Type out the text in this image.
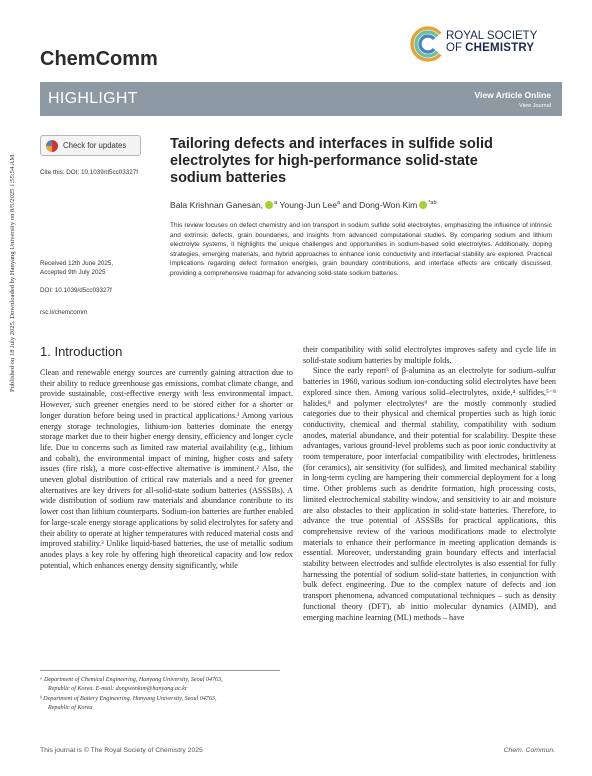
Published on 18 July 2025. Downloaded by Hanyang University on 8/5/2025 1:55:54 AM.
ChemComm
ROYAL SOCIETY
OF CHEMISTRY
HIGHLIGHT	View Article Online
View Journal
Check for updates
Cite this: DOI: 10.1039/d5cc03327f
Received 12th June 2025,
Accepted 9th July 2025
DOI: 10.1039/d5cc03327f
rsc.li/chemcomm
Tailoring defects and interfaces in sulfide solid electrolytes for high-performance solid-state sodium batteries
Bala Krishnan Ganesan, $^a$ Young-Jun Lee$^a$ and Dong-Won Kim $^{*ab}$
This review focuses on defect chemistry and ion transport in sodium sulfide solid electrolytes, emphasizing the influence of intrinsic and extrinsic defects, grain boundaries, and insights from advanced computational studies. By comparing sodium and lithium electrolyte systems, it highlights the unique challenges and opportunities in sodium-based solid electrolytes. Additionally, doping strategies, emerging materials, and hybrid approaches to enhance ionic conductivity and interfacial stability are explored. Practical implications regarding defect formation energies, grain boundary contributions, and interface effects are critically discussed, providing a comprehensive roadmap for advancing solid-state sodium batteries.
1. Introduction

Clean and renewable energy sources are currently gaining attraction due to their ability to reduce greenhouse gas emissions, combat climate change, and provide sustainable, cost-effective energy with less environmental impact. However, such greener energies need to be stored either for a shorter or longer duration before being used in practical applications.¹ Among various energy storage technologies, lithium-ion batteries dominate the energy storage market due to their higher energy density, efficiency and longer cycle life. Due to concerns such as limited raw material availability (e.g., lithium and cobalt), the environmental impact of mining, higher costs and safety issues (fire risk), a more cost-effective alternative is imminent.² Also, the uneven global distribution of critical raw materials and a need for greener alternatives are key drivers for all-solid-state sodium batteries (ASSSBs). A wide distribution of sodium raw materials and abundance contribute to its lower cost than lithium counterparts. Sodium-ion batteries are further enabled for large-scale energy storage applications by solid electrolytes for safety and their ability to operate at higher temperatures with reduced material costs and improved stability.³ Unlike liquid-based batteries, the use of metallic sodium anodes plays a key role by offering high theoretical capacity and low redox potential, which enhances energy density significantly, while

their compatibility with solid electrolytes improves safety and cycle life in solid-state sodium batteries by multiple folds.

Since the early report³ of β-alumina as an electrolyte for sodium–sulfur batteries in 1960, various sodium ion-conducting solid electrolytes have been explored since then. Among various solid–electrolytes, oxide,⁴ sulfides,⁵⁻⁸ halides,⁸ and polymer electrolytes⁹ are the mostly commonly studied categories due to their physical and chemical properties such as high ionic conductivity, chemical and thermal stability, compatibility with sodium anodes, material abundance, and their potential for scalability. Despite these advantages, various ground-level problems such as poor ionic conductivity at room temperature, poor interfacial compatibility with electrodes, brittleness (for ceramics), air sensitivity (for sulfides), and limited mechanical stability in long-term cycling are hampering their commercial deployment for a long time. Other problems such as dendrite formation, high processing costs, limited electrochemical stability window, and sensitivity to air and moisture are also obstacles to their application in solid-state batteries. Therefore, to advance the true potential of ASSSBs for practical applications, this comprehensive review of the various modifications made to electrolyte materials to enhance their performance in meeting application demands is essential. Moreover, understanding grain boundary effects and interfacial stability between electrodes and sulfide electrolytes is also essential for fully harnessing the potential of sodium solid-state batteries, in conjunction with bulk defect engineering. Due to the complex nature of defects and ion transport phenomena, advanced computational techniques – such as density functional theory (DFT), ab initio molecular dynamics (AIMD), and emerging machine learning (ML) methods – have

ᵃ Department of Chemical Engineering, Hanyang University, Seoul 04763,
Republic of Korea. E-mail: dongwonkim@hanyang.ac.kr
ᵇ Department of Battery Engineering, Hanyang University, Seoul 04763,
Republic of Korea
This journal is © The Royal Society of Chemistry 2025	Chem. Commun.
